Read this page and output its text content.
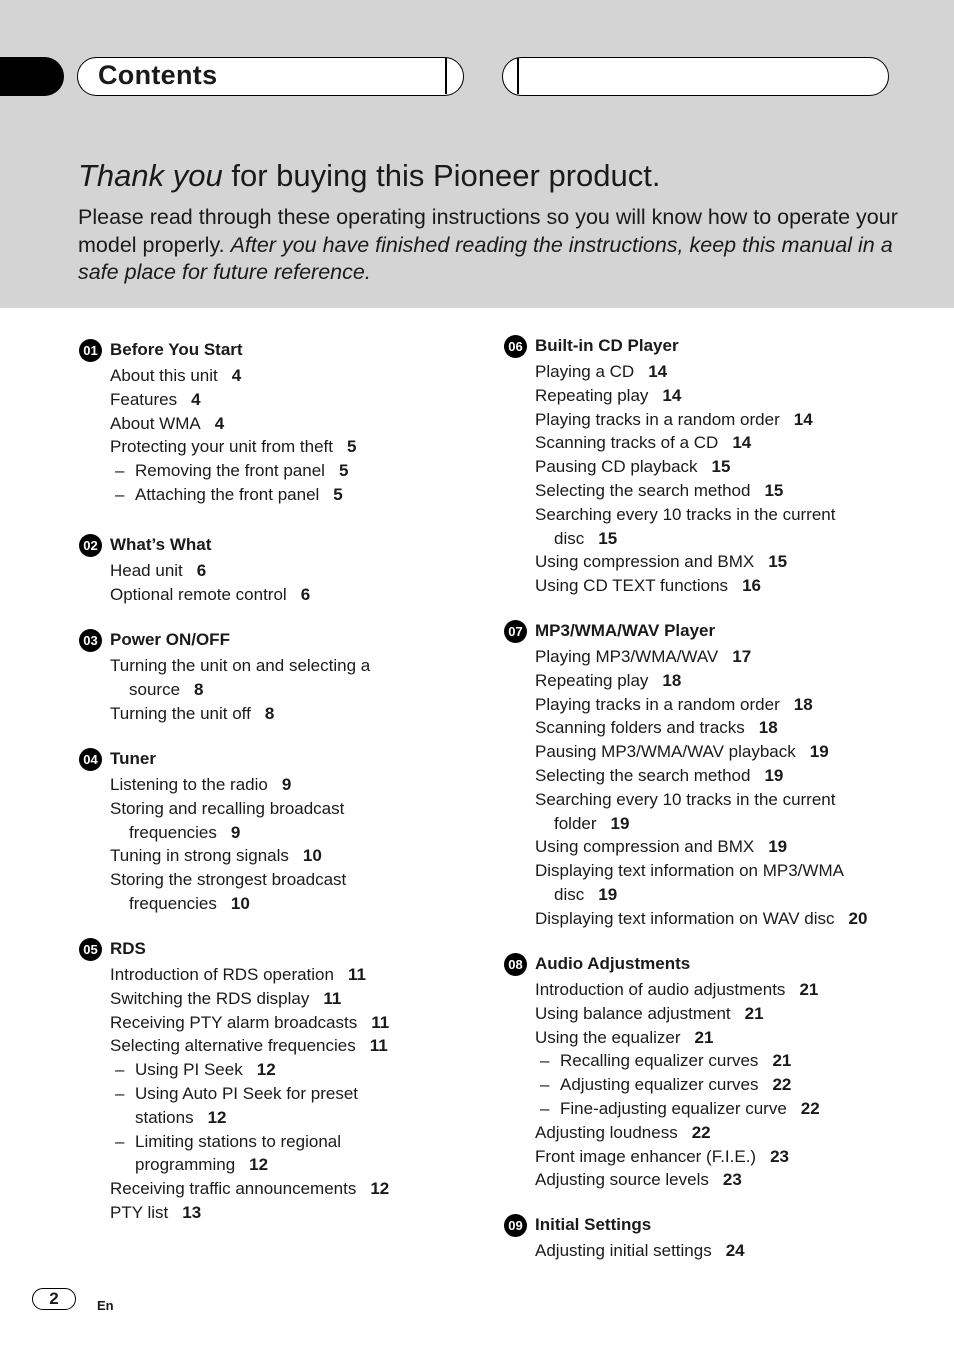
Contents
Thank you for buying this Pioneer product.
Please read through these operating instructions so you will know how to operate your model properly. After you have finished reading the instructions, keep this manual in a safe place for future reference.
01 Before You Start
About this unit 4
Features 4
About WMA 4
Protecting your unit from theft 5
– Removing the front panel 5
– Attaching the front panel 5
02 What’s What
Head unit 6
Optional remote control 6
03 Power ON/OFF
Turning the unit on and selecting a
source 8
Turning the unit off 8
04 Tuner
Listening to the radio 9
Storing and recalling broadcast
frequencies 9
Tuning in strong signals 10
Storing the strongest broadcast
frequencies 10
05 RDS
Introduction of RDS operation 11
Switching the RDS display 11
Receiving PTY alarm broadcasts 11
Selecting alternative frequencies 11
– Using PI Seek 12
– Using Auto PI Seek for preset
stations 12
– Limiting stations to regional
programming 12
Receiving traffic announcements 12
PTY list 13
06 Built-in CD Player
Playing a CD 14
Repeating play 14
Playing tracks in a random order 14
Scanning tracks of a CD 14
Pausing CD playback 15
Selecting the search method 15
Searching every 10 tracks in the current
disc 15
Using compression and BMX 15
Using CD TEXT functions 16
07 MP3/WMA/WAV Player
Playing MP3/WMA/WAV 17
Repeating play 18
Playing tracks in a random order 18
Scanning folders and tracks 18
Pausing MP3/WMA/WAV playback 19
Selecting the search method 19
Searching every 10 tracks in the current
folder 19
Using compression and BMX 19
Displaying text information on MP3/WMA
disc 19
Displaying text information on WAV disc 20
08 Audio Adjustments
Introduction of audio adjustments 21
Using balance adjustment 21
Using the equalizer 21
– Recalling equalizer curves 21
– Adjusting equalizer curves 22
– Fine-adjusting equalizer curve 22
Adjusting loudness 22
Front image enhancer (F.I.E.) 23
Adjusting source levels 23
09 Initial Settings
Adjusting initial settings 24
2	En
